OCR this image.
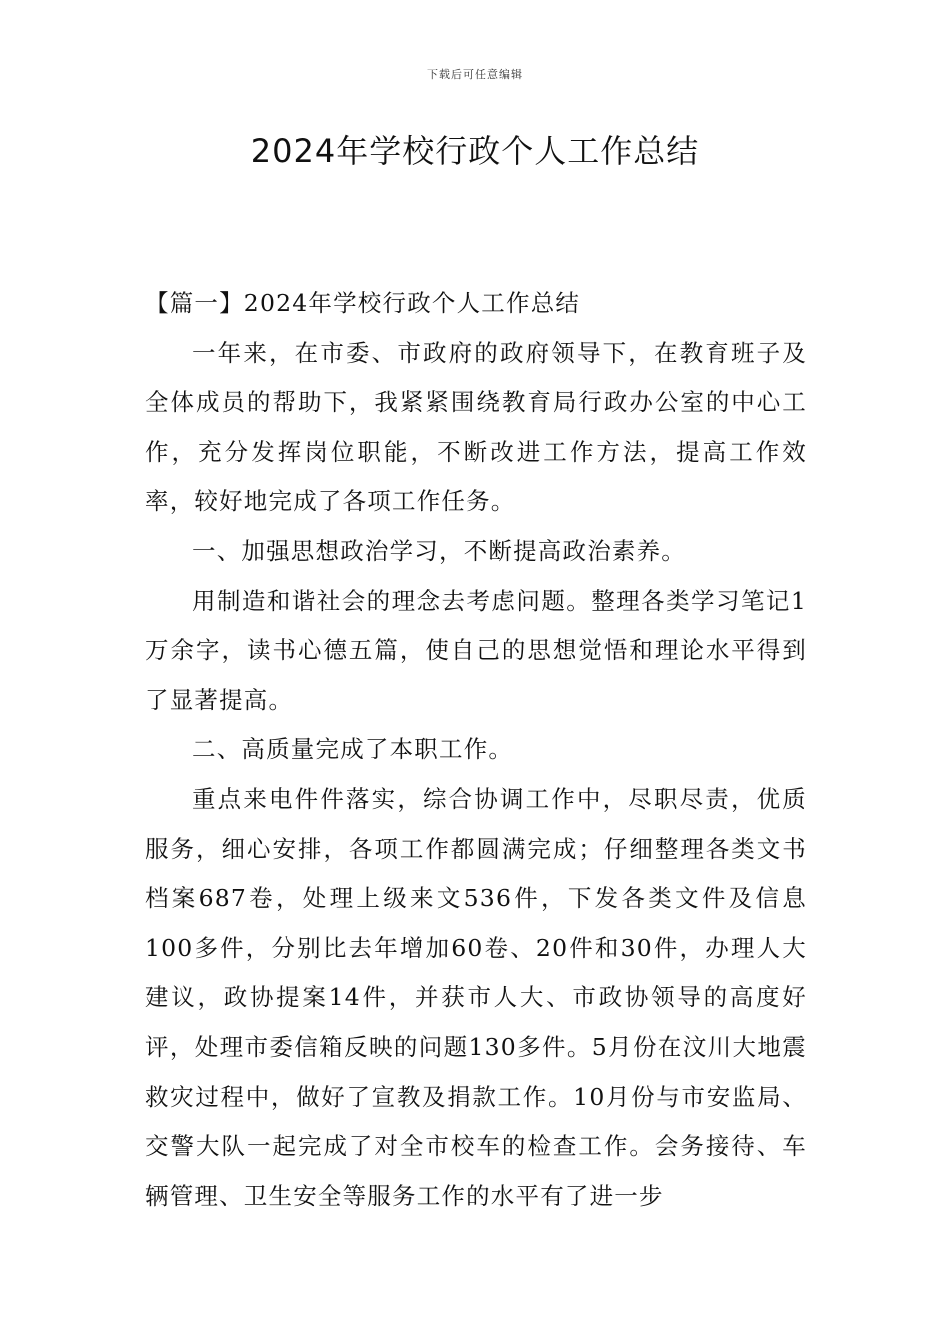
下载后可任意编辑
2024年学校行政个人工作总结

【篇一】2024年学校行政个人工作总结

一年来，在市委、市政府的政府领导下，在教育班子及全体成员的帮助下，我紧紧围绕教育局行政办公室的中心工作，充分发挥岗位职能，不断改进工作方法，提高工作效率，较好地完成了各项工作任务。

一、加强思想政治学习，不断提高政治素养。

用制造和谐社会的理念去考虑问题。整理各类学习笔记1万余字，读书心德五篇，使自己的思想觉悟和理论水平得到了显著提高。

二、高质量完成了本职工作。

重点来电件件落实，综合协调工作中，尽职尽责，优质服务，细心安排，各项工作都圆满完成；仔细整理各类文书档案687卷，处理上级来文536件，下发各类文件及信息100多件，分别比去年增加60卷、20件和30件，办理人大建议，政协提案14件，并获市人大、市政协领导的高度好评，处理市委信箱反映的问题130多件。5月份在汶川大地震救灾过程中，做好了宣教及捐款工作。10月份与市安监局、交警大队一起完成了对全市校车的检查工作。会务接待、车辆管理、卫生安全等服务工作的水平有了进一步
